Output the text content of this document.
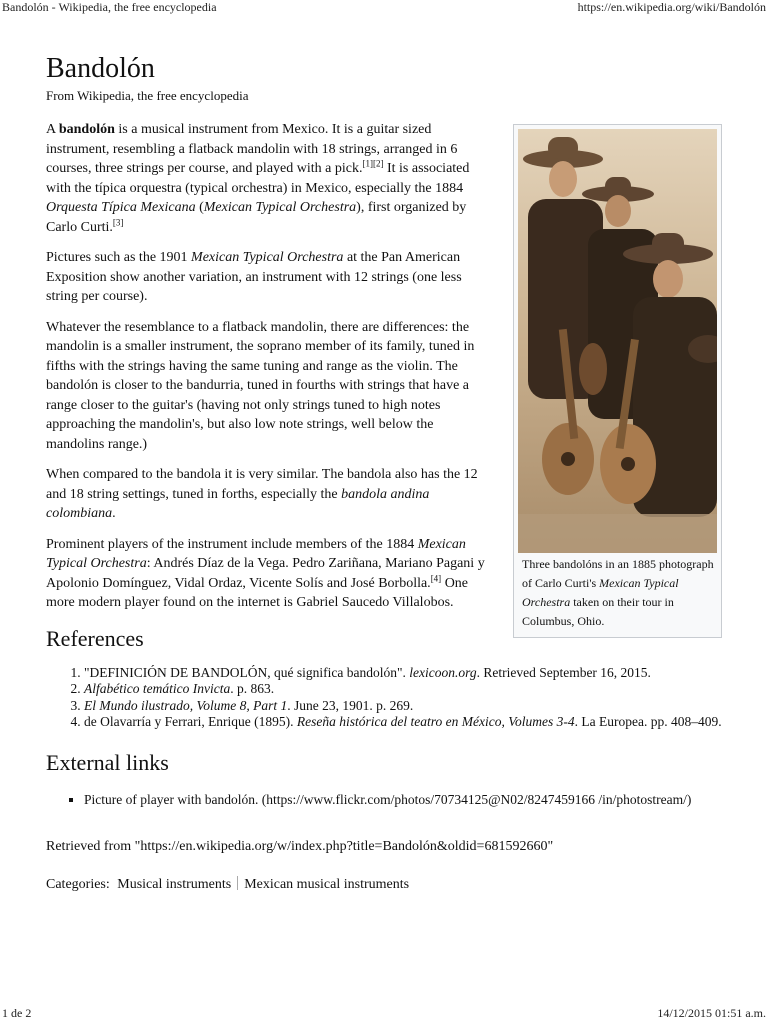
Bandolón - Wikipedia, the free encyclopedia	https://en.wikipedia.org/wiki/Bandolón
Bandolón
From Wikipedia, the free encyclopedia

A bandolón is a musical instrument from Mexico. It is a guitar sized instrument, resembling a flatback mandolin with 18 strings, arranged in 6 courses, three strings per course, and played with a pick.[1][2] It is associated with the típica orquestra (typical orchestra) in Mexico, especially the 1884 Orquesta Típica Mexicana (Mexican Typical Orchestra), first organized by Carlo Curti.[3]

Pictures such as the 1901 Mexican Typical Orchestra at the Pan American Exposition show another variation, an instrument with 12 strings (one less string per course).

Whatever the resemblance to a flatback mandolin, there are differences: the mandolin is a smaller instrument, the soprano member of its family, tuned in fifths with the strings having the same tuning and range as the violin. The bandolón is closer to the bandurria, tuned in fourths with strings that have a range closer to the guitar's (having not only strings tuned to high notes approaching the mandolin's, but also low note strings, well below the mandolins range.)

When compared to the bandola it is very similar. The bandola also has the 12 and 18 string settings, tuned in forths, especially the bandola andina colombiana.

Prominent players of the instrument include members of the 1884 Mexican Typical Orchestra: Andrés Díaz de la Vega. Pedro Zariñana, Mariano Pagani y Apolonio Domínguez, Vidal Ordaz, Vicente Solís and José Borbolla.[4] One more modern player found on the internet is Gabriel Saucedo Villalobos.

Three bandolóns in an 1885 photograph of Carlo Curti's Mexican Typical Orchestra taken on their tour in Columbus, Ohio.
References
1. "DEFINICIÓN DE BANDOLÓN, qué significa bandolón". lexicoon.org. Retrieved September 16, 2015.
2. Alfabético temático Invicta. p. 863.
3. El Mundo ilustrado, Volume 8, Part 1. June 23, 1901. p. 269.
4. de Olavarría y Ferrari, Enrique (1895). Reseña histórica del teatro en México, Volumes 3-4. La Europea. pp. 408–409.
External links
▪ Picture of player with bandolón. (https://www.flickr.com/photos/70734125@N02/8247459166 /in/photostream/)
Retrieved from "https://en.wikipedia.org/w/index.php?title=Bandolón&oldid=681592660"
Categories: Musical instruments Mexican musical instruments
1 de 2	14/12/2015 01:51 a.m.
